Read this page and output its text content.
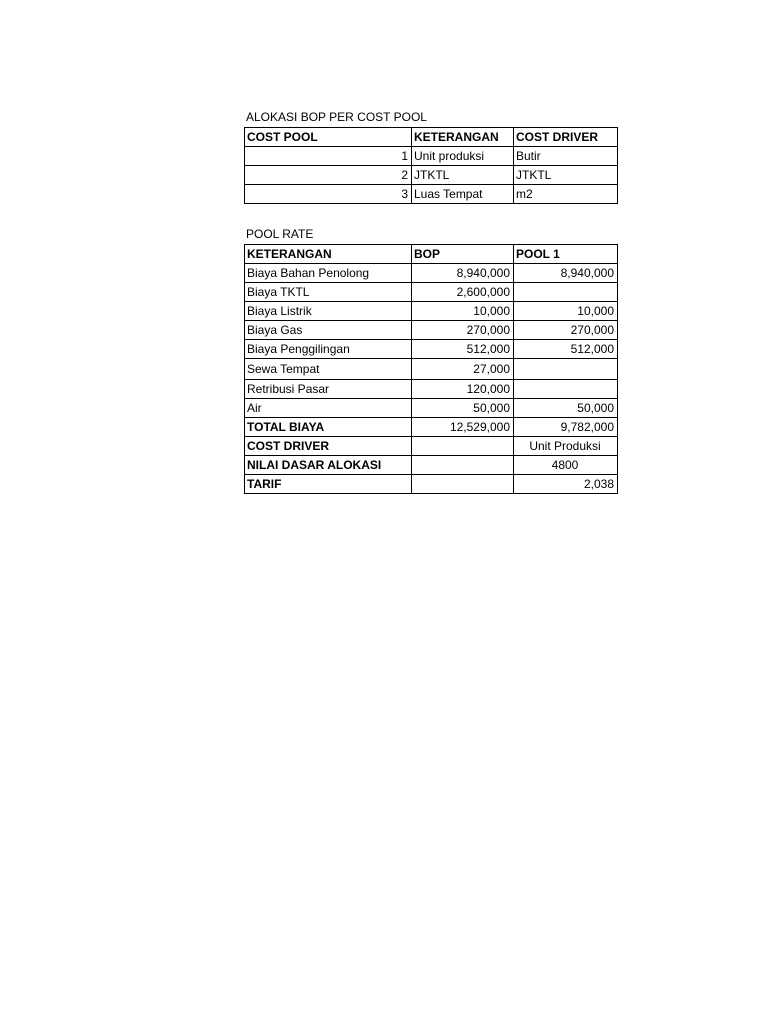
ALOKASI BOP PER COST POOL
COST POOL	KETERANGAN	COST DRIVER
1	Unit produksi	Butir
2	JTKTL	JTKTL
3	Luas Tempat	m2
POOL RATE
KETERANGAN	BOP	POOL 1
Biaya Bahan Penolong	8,940,000	8,940,000
Biaya TKTL	2,600,000	
Biaya Listrik	10,000	10,000
Biaya Gas	270,000	270,000
Biaya Penggilingan	512,000	512,000
Sewa Tempat	27,000	
Retribusi Pasar	120,000	
Air	50,000	50,000
TOTAL BIAYA	12,529,000	9,782,000
COST DRIVER		Unit Produksi
NILAI DASAR ALOKASI		4800
TARIF		2,038
